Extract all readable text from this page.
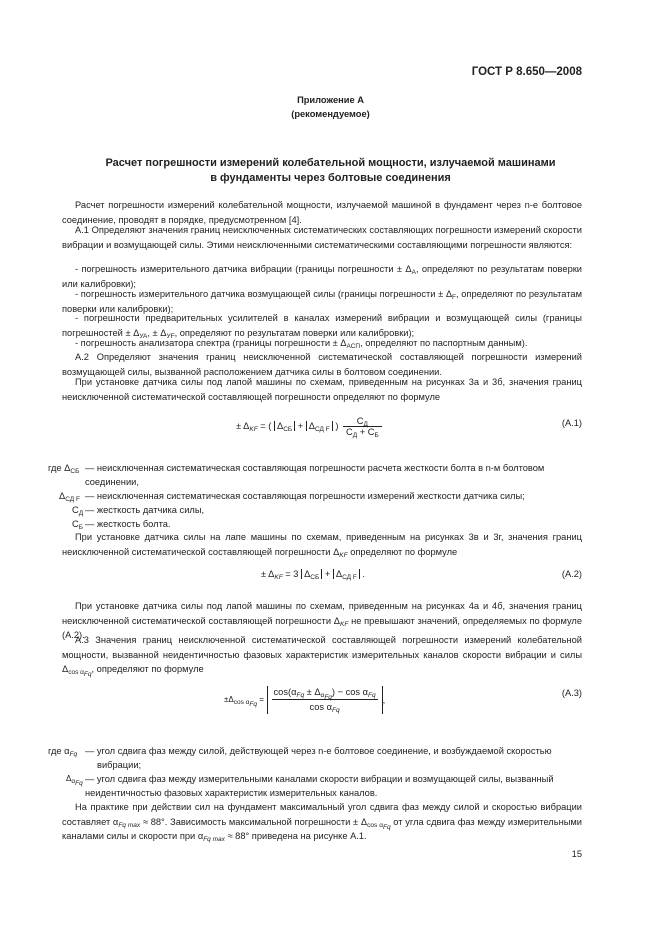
ГОСТ Р 8.650—2008
Приложение А
(рекомендуемое)
Расчет погрешности измерений колебательной мощности, излучаемой машинами
в фундаменты через болтовые соединения
Расчет погрешности измерений колебательной мощности, излучаемой машиной в фундамент через n-е болтовое соединение, проводят в порядке, предусмотренном [4].
А.1 Определяют значения границ неисключенных систематических составляющих погрешности измерений скорости вибрации и возмущающей силы. Этими неисключенными систематическими составляющими погрешности являются:
- погрешность измерительного датчика вибрации (границы погрешности ± $\Delta_A$, определяют по результатам поверки или калибровки);
- погрешность измерительного датчика возмущающей силы (границы погрешности ± $\Delta_F$, определяют по результатам поверки или калибровки);
- погрешности предварительных усилителей в каналах измерений вибрации и возмущающей силы (границы погрешностей ± $\Delta_{УА}$, ± $\Delta_{УF}$, определяют по результатам поверки или калибровки);
- погрешность анализатора спектра (границы погрешности ± $\Delta_{АСП}$, определяют по паспортным данным).
А.2 Определяют значения границ неисключенной систематической составляющей погрешности измерений возмущающей силы, вызванной расположением датчика силы в болтовом соединении.
При установке датчика силы под лапой машины по схемам, приведенным на рисунках 3а и 3б, значения границ неисключенной систематической составляющей погрешности определяют по формуле
± $\Delta_{KF}$ = ( $\Delta_{СБ} + \Delta_{СД F}$ )	$С_Д$
$С_Д + С_Б$
(А.1)
где $\Delta_{СБ}$ — неисключенная систематическая составляющая погрешности расчета жесткости болта в n-м болтовом
соединении,
$\Delta_{СД F}$ — неисключенная систематическая составляющая погрешности измерений жесткости датчика силы;
$С_Д$ — жесткость датчика силы,
$С_Б$ — жесткость болта.
При установке датчика силы на лапе машины по схемам, приведенным на рисунках 3в и 3г, значения границ неисключенной систематической составляющей погрешности $\Delta_{KF}$ определяют по формуле
± $\Delta_{KF} = 3$ $\Delta_{СБ} + \Delta_{СД F}$ .	(А.2)
При установке датчика силы под лапой машины по схемам, приведенным на рисунках 4а и 4б, значения границ неисключенной систематической составляющей погрешности $\Delta_{KF}$ не превышают значений, определяемых по формуле (А.2).
А.3 Значения границ неисключенной систематической составляющей погрешности измерений колебательной мощности, вызванной неидентичностью фазовых характеристик измерительных каналов скорости вибрации и силы $\Delta_{cos \alpha_{Fq}}$, определяют по формуле
$\pm\Delta_{cos \alpha_{Fq}}$ =
$\cos(\alpha_{Fq} \pm \Delta_{\alpha_{Fq}}) - \cos \alpha_{Fq}$
$\cos \alpha_{Fq}$
,
(А.3)
где $\alpha_{Fq}$ — угол сдвига фаз между силой, действующей через n-е болтовое соединение, и возбуждаемой скоростью
вибрации;
$\Delta_{\alpha_{Fq}}$ — угол сдвига фаз между измерительными каналами скорости вибрации и возмущающей силы, вызванный неидентичностью фазовых характеристик измерительных каналов.
На практике при действии сил на фундамент максимальный угол сдвига фаз между силой и скоростью вибрации составляет $\alpha_{Fq max} \approx 88^\circ$. Зависимость максимальной погрешности ± $\Delta_{cos \alpha_{Fq}}$ от угла сдвига фаз между измерительными каналами силы и скорости при $\alpha_{Fq max} \approx 88^\circ$ приведена на рисунке А.1.
15
